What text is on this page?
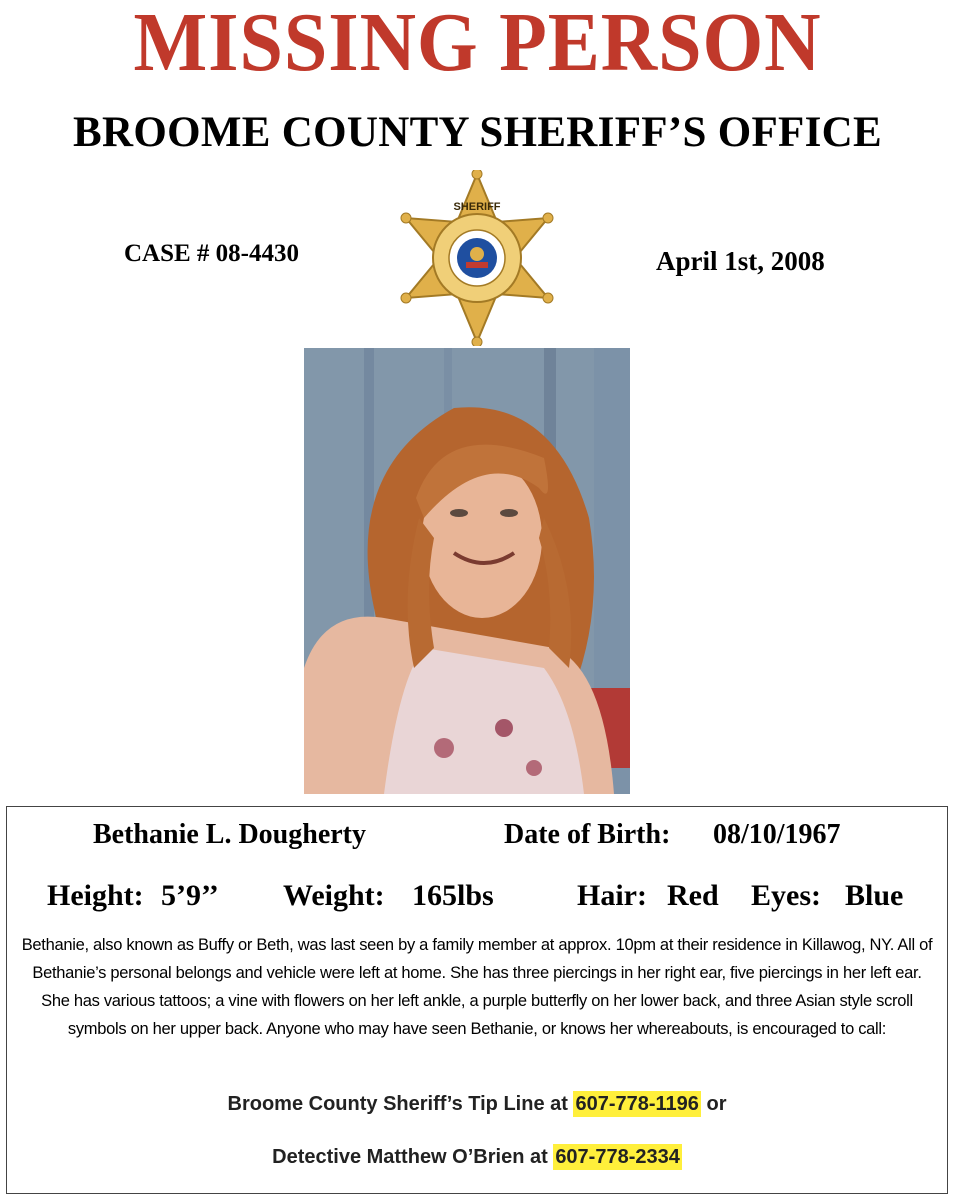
MISSING PERSON
BROOME COUNTY SHERIFF’S OFFICE
CASE # 08-4430	April 1st, 2008
SHERIFF
Bethanie L. Dougherty	Date of Birth: 08/10/1967
Height: 5’9’’ Weight: 165lbs	Hair: Red Eyes: Blue
Bethanie, also known as Buffy or Beth, was last seen by a family member at approx. 10pm at their residence in Killawog, NY. All of Bethanie’s personal belongs and vehicle were left at home. She has three piercings in her right ear, five piercings in her left ear. She has various tattoos; a vine with flowers on her left ankle, a purple butterfly on her lower back, and three Asian style scroll symbols on her upper back. Anyone who may have seen Bethanie, or knows her whereabouts, is encouraged to call:
Broome County Sheriff’s Tip Line at 607-778-1196 or
Detective Matthew O’Brien at 607-778-2334
